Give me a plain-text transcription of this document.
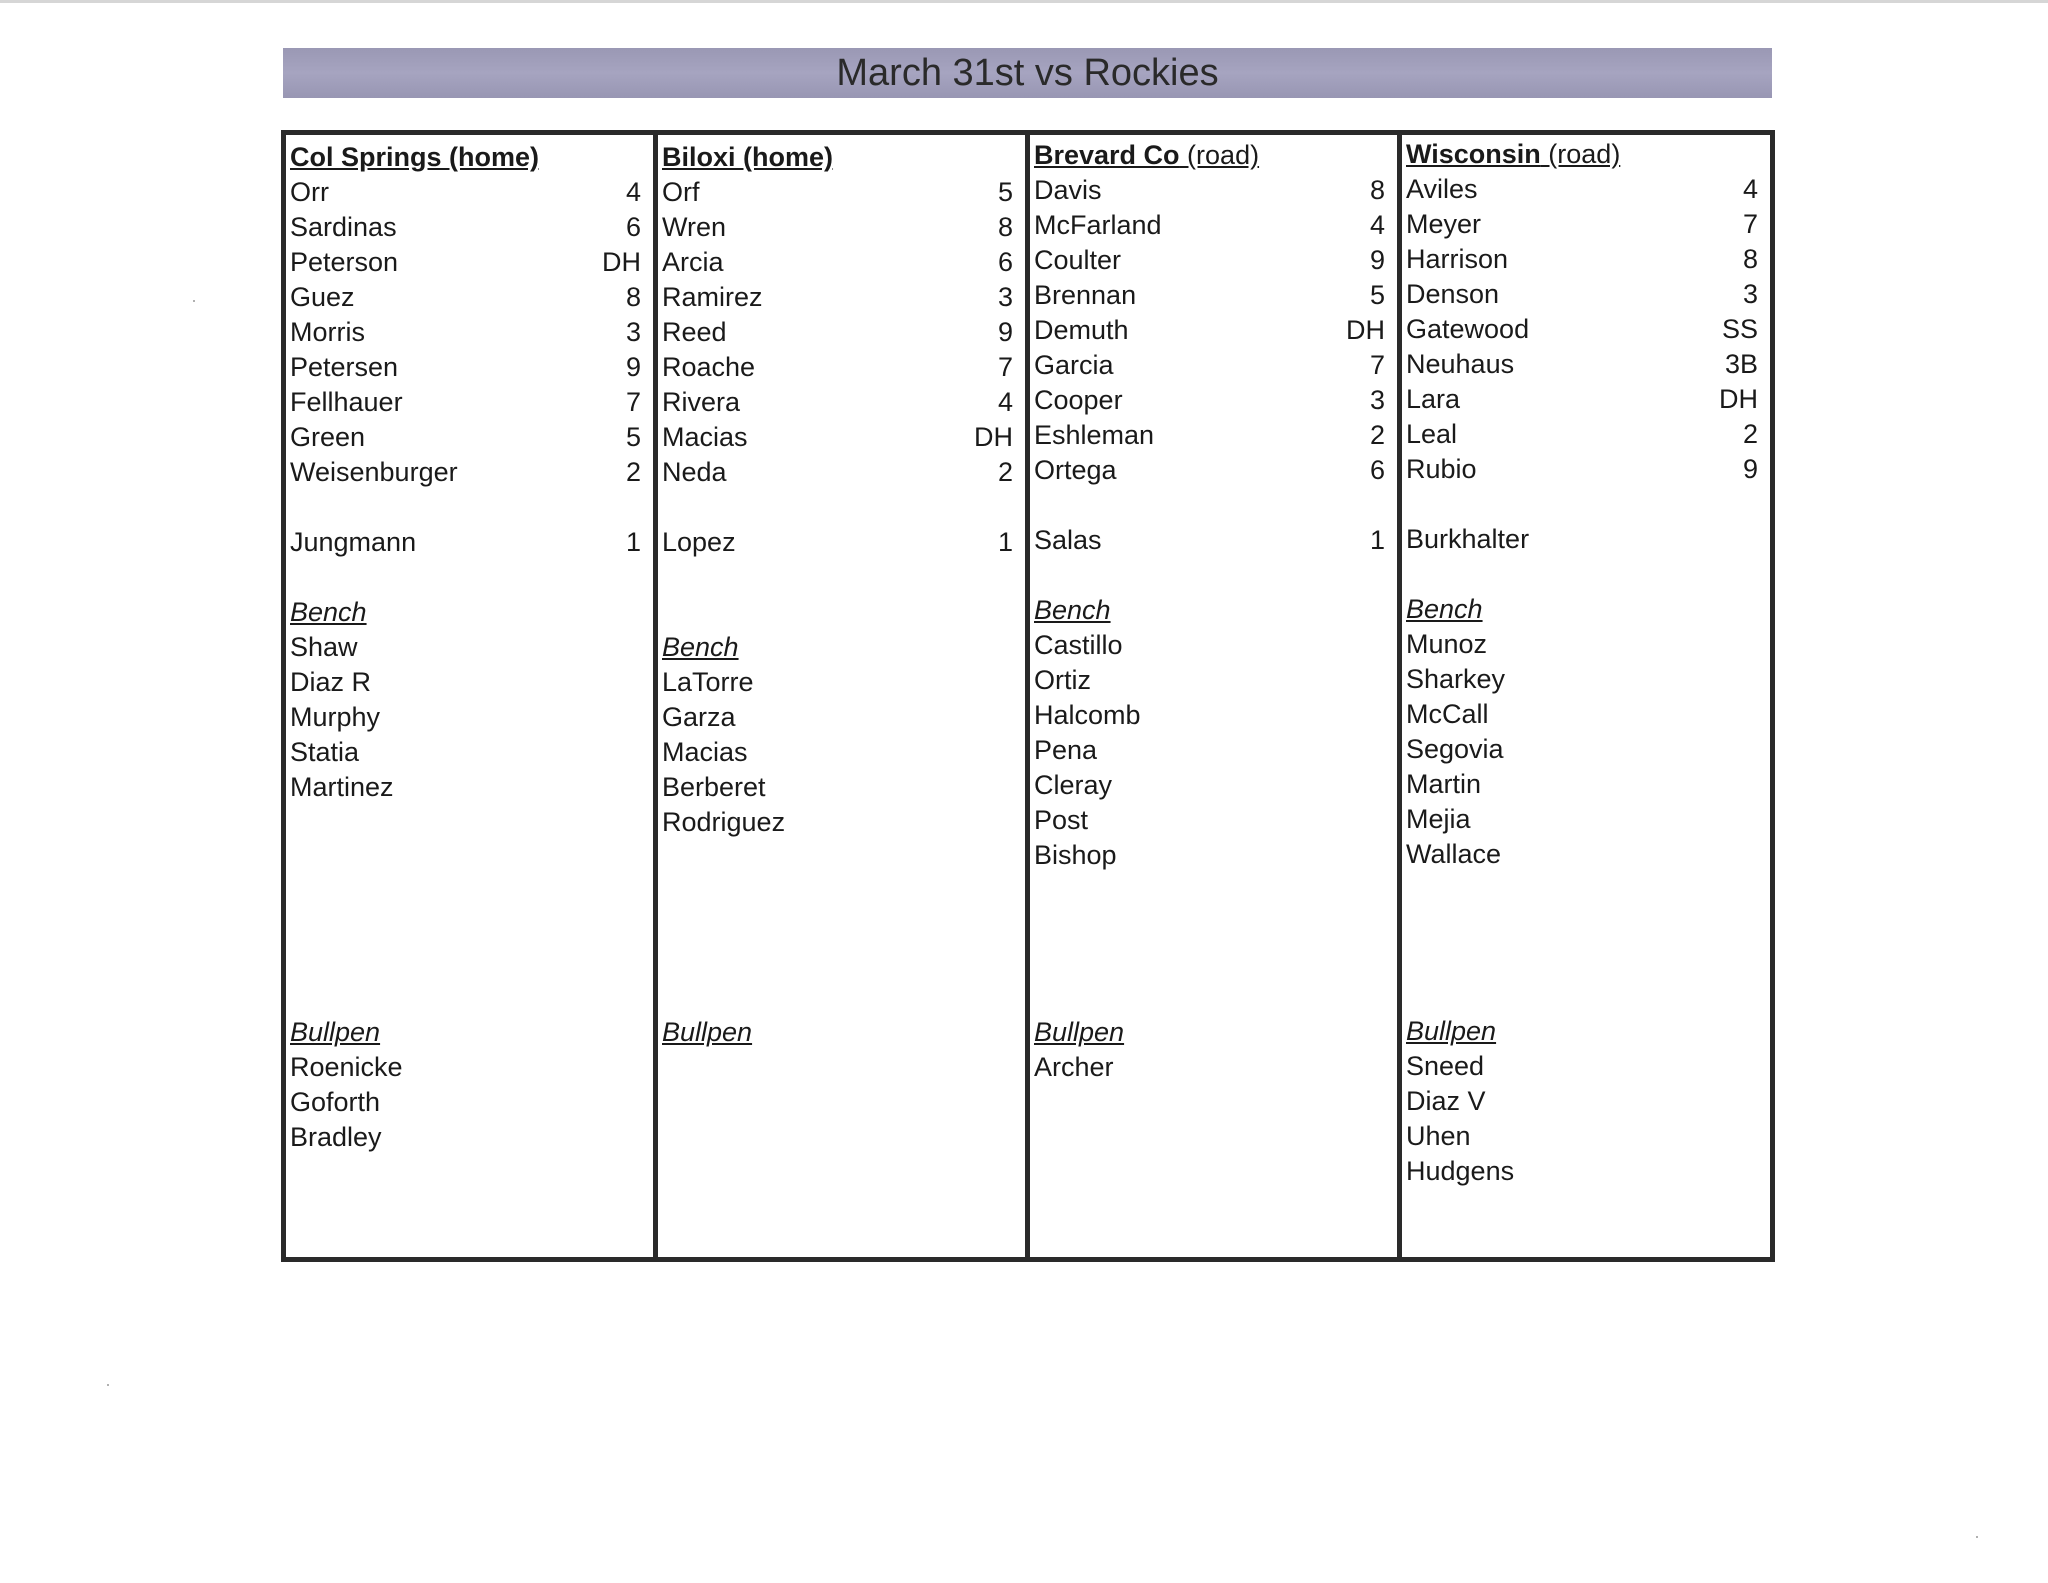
March 31st vs Rockies
Col Springs (home)
Orr	4
Sardinas	6
Peterson	DH
Guez	8
Morris	3
Petersen	9
Fellhauer	7
Green	5
Weisenburger	2
Jungmann	1
Bench
Shaw
Diaz R
Murphy
Statia
Martinez
Bullpen
Roenicke
Goforth
Bradley
Biloxi (home)
Orf	5
Wren	8
Arcia	6
Ramirez	3
Reed	9
Roache	7
Rivera	4
Macias	DH
Neda	2
Lopez	1
Bench
LaTorre
Garza
Macias
Berberet
Rodriguez
Bullpen
Brevard Co (road)
Davis	8
McFarland	4
Coulter	9
Brennan	5
Demuth	DH
Garcia	7
Cooper	3
Eshleman	2
Ortega	6
Salas	1
Bench
Castillo
Ortiz
Halcomb
Pena
Cleray
Post
Bishop
Bullpen
Archer
Wisconsin (road)
Aviles	4
Meyer	7
Harrison	8
Denson	3
Gatewood	SS
Neuhaus	3B
Lara	DH
Leal	2
Rubio	9
Burkhalter
Bench
Munoz
Sharkey
McCall
Segovia
Martin
Mejia
Wallace
Bullpen
Sneed
Diaz V
Uhen
Hudgens
